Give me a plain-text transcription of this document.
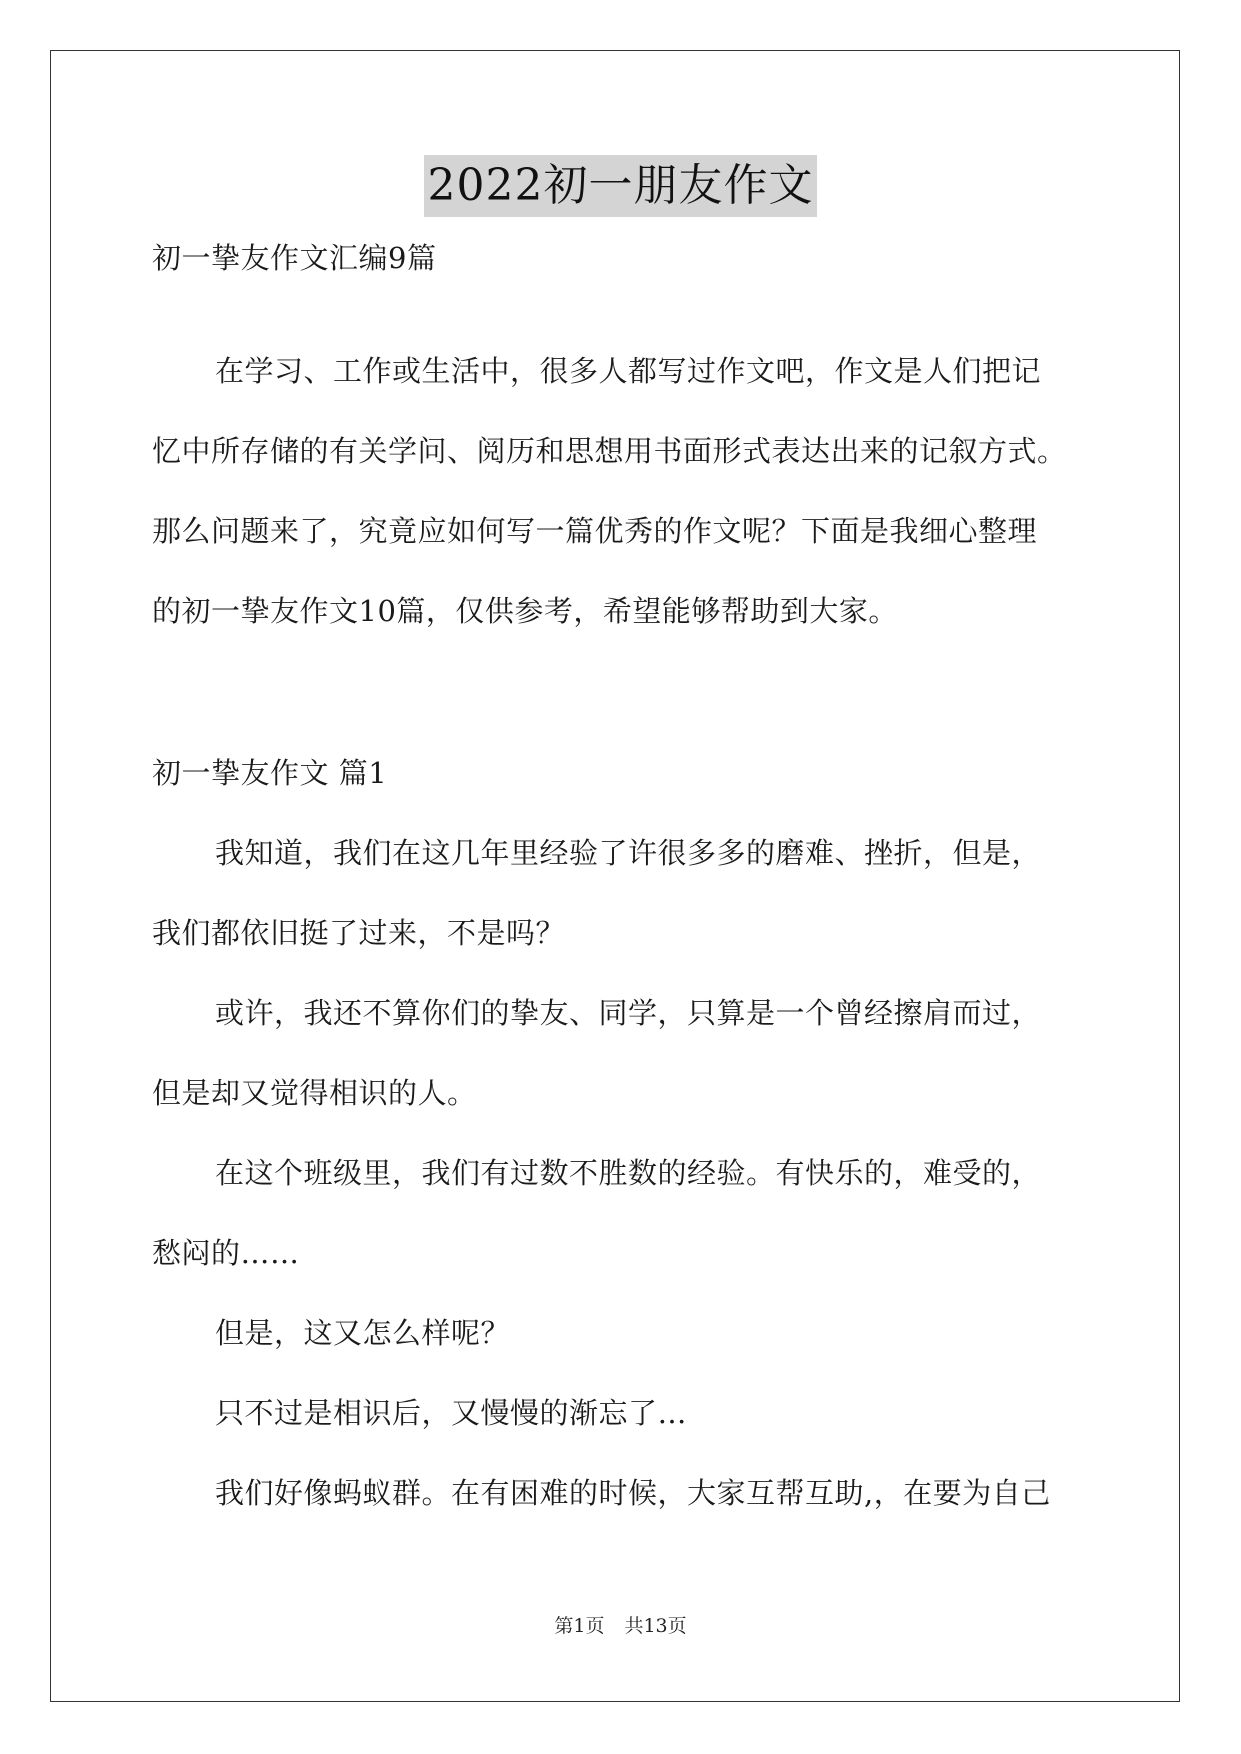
2022初一朋友作文
初一挚友作文汇编9篇
在学习、工作或生活中，很多人都写过作文吧，作文是人们把记
忆中所存储的有关学问、阅历和思想用书面形式表达出来的记叙方式。
那么问题来了，究竟应如何写一篇优秀的作文呢？下面是我细心整理
的初一挚友作文10篇，仅供参考，希望能够帮助到大家。
初一挚友作文 篇1
我知道，我们在这几年里经验了许很多多的磨难、挫折，但是，
我们都依旧挺了过来，不是吗？
或许，我还不算你们的挚友、同学，只算是一个曾经擦肩而过，
但是却又觉得相识的人。
在这个班级里，我们有过数不胜数的经验。有快乐的，难受的，
愁闷的……
但是，这又怎么样呢？
只不过是相识后，又慢慢的渐忘了…
我们好像蚂蚁群。在有困难的时候，大家互帮互助,，在要为自己
第1页 共13页
